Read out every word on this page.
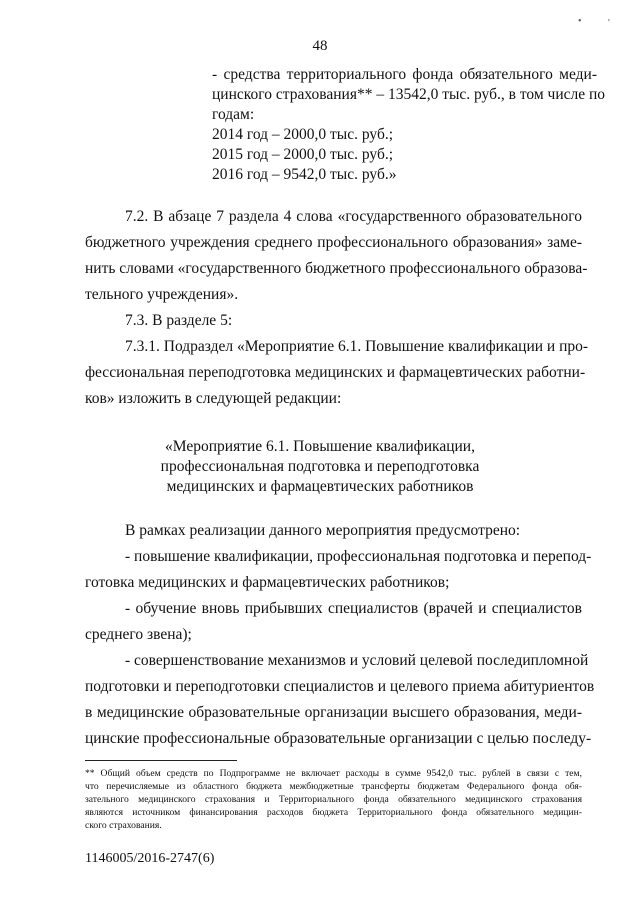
'
•
48
- средства территориального фонда обязательного меди-
цинского страхования** – 13542,0 тыс. руб., в том числе по
годам:
2014 год – 2000,0 тыс. руб.;
2015 год – 2000,0 тыс. руб.;
2016 год – 9542,0 тыс. руб.»
7.2. В абзаце 7 раздела 4 слова «государственного образовательного
бюджетного учреждения среднего профессионального образования» заме-
нить словами «государственного бюджетного профессионального образова-
тельного учреждения».
7.3. В разделе 5:
7.3.1. Подраздел «Мероприятие 6.1. Повышение квалификации и про-
фессиональная переподготовка медицинских и фармацевтических работни-
ков» изложить в следующей редакции:
«Мероприятие 6.1. Повышение квалификации,
профессиональная подготовка и переподготовка
медицинских и фармацевтических работников
В рамках реализации данного мероприятия предусмотрено:
- повышение квалификации, профессиональная подготовка и перепод-
готовка медицинских и фармацевтических работников;
- обучение вновь прибывших специалистов (врачей и специалистов
среднего звена);
- совершенствование механизмов и условий целевой последипломной
подготовки и переподготовки специалистов и целевого приема абитуриентов
в медицинские образовательные организации высшего образования, меди-
цинские профессиональные образовательные организации с целью последу-
** Общий объем средств по Подпрограмме не включает расходы в сумме 9542,0 тыс. рублей в связи с тем,
что перечисляемые из областного бюджета межбюджетные трансферты бюджетам Федерального фонда обя-
зательного медицинского страхования и Территориального фонда обязательного медицинского страхования
являются источником финансирования расходов бюджета Территориального фонда обязательного медицин-
ского страхования.
1146005/2016-2747(6)
